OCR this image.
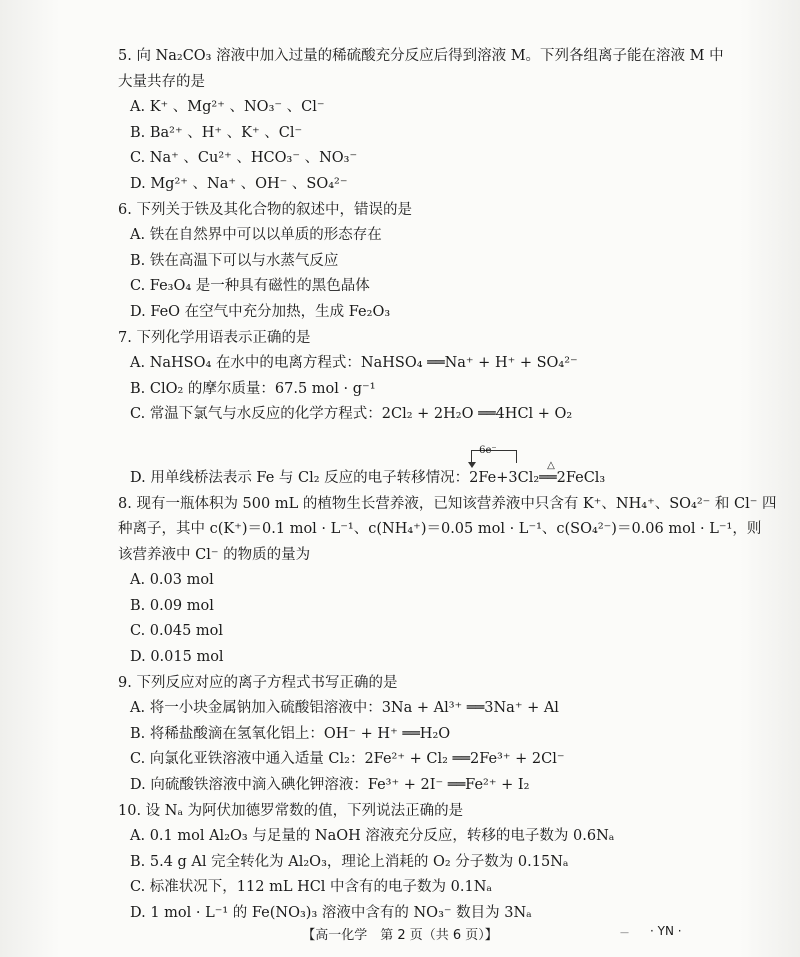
5. 向 Na₂CO₃ 溶液中加入过量的稀硫酸充分反应后得到溶液 M。下列各组离子能在溶液 M 中
大量共存的是
A. K⁺ 、Mg²⁺ 、NO₃⁻ 、Cl⁻
B. Ba²⁺ 、H⁺ 、K⁺ 、Cl⁻
C. Na⁺ 、Cu²⁺ 、HCO₃⁻ 、NO₃⁻
D. Mg²⁺ 、Na⁺ 、OH⁻ 、SO₄²⁻
6. 下列关于铁及其化合物的叙述中，错误的是
A. 铁在自然界中可以以单质的形态存在
B. 铁在高温下可以与水蒸气反应
C. Fe₃O₄ 是一种具有磁性的黑色晶体
D. FeO 在空气中充分加热，生成 Fe₂O₃
7. 下列化学用语表示正确的是
A. NaHSO₄ 在水中的电离方程式：NaHSO₄ ══Na⁺ + H⁺ + SO₄²⁻
B. ClO₂ 的摩尔质量：67.5 mol · g⁻¹
C. 常温下氯气与水反应的化学方程式：2Cl₂ + 2H₂O ══4HCl + O₂
D. 用单线桥法表示 Fe 与 Cl₂ 反应的电子转移情况：
6e⁻
2Fe+3Cl₂
△
══2FeCl₃
8. 现有一瓶体积为 500 mL 的植物生长营养液，已知该营养液中只含有 K⁺、NH₄⁺、SO₄²⁻ 和 Cl⁻ 四
种离子，其中 c(K⁺)＝0.1 mol · L⁻¹、c(NH₄⁺)＝0.05 mol · L⁻¹、c(SO₄²⁻)＝0.06 mol · L⁻¹，则
该营养液中 Cl⁻ 的物质的量为
A. 0.03 mol
B. 0.09 mol
C. 0.045 mol
D. 0.015 mol
9. 下列反应对应的离子方程式书写正确的是
A. 将一小块金属钠加入硫酸铝溶液中：3Na + Al³⁺ ══3Na⁺ + Al
B. 将稀盐酸滴在氢氧化铝上：OH⁻ + H⁺ ══H₂O
C. 向氯化亚铁溶液中通入适量 Cl₂：2Fe²⁺ + Cl₂ ══2Fe³⁺ + 2Cl⁻
D. 向硫酸铁溶液中滴入碘化钾溶液：Fe³⁺ + 2I⁻ ══Fe²⁺ + I₂
10. 设 Nₐ 为阿伏加德罗常数的值，下列说法正确的是
A. 0.1 mol Al₂O₃ 与足量的 NaOH 溶液充分反应，转移的电子数为 0.6Nₐ
B. 5.4 g Al 完全转化为 Al₂O₃，理论上消耗的 O₂ 分子数为 0.15Nₐ
C. 标准状况下，112 mL HCl 中含有的电子数为 0.1Nₐ
D. 1 mol · L⁻¹ 的 Fe(NO₃)₃ 溶液中含有的 NO₃⁻ 数目为 3Nₐ
【高一化学　第 2 页（共 6 页）】	— · YN ·
